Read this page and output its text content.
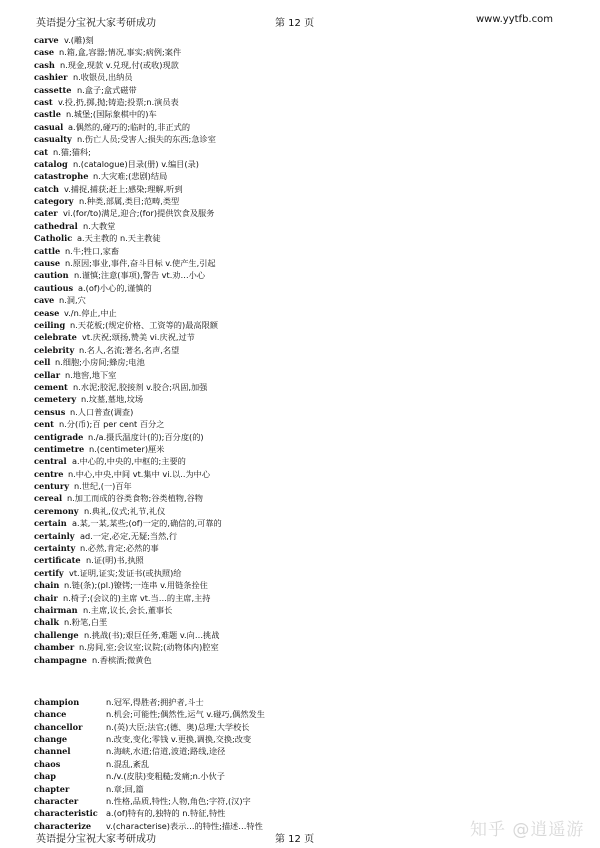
英语提分宝祝大家考研成功	第 12 页	www.yytfb.com
carve v.(雕)刻
case n.箱,盒,容器;情况,事实;病例;案件
cash n.现金,现款 v.兑现,付(或收)现款
cashier n.收银员,出纳员
cassette n.盒子;盒式磁带
cast v.投,扔,掷,抛;铸造;投票;n.演员表
castle n.城堡;(国际象棋中的)车
casual a.偶然的,碰巧的;临时的,非正式的
casualty n.伤亡人员;受害人;损失的东西;急诊室
cat n.猫;猫科;
catalog n.(catalogue)目录(册) v.编目(录)
catastrophe n.大灾难;(悲剧)结局
catch v.捕捉,捕获;赶上;感染;理解,听到
category n.种类,部属,类目;范畴,类型
cater vi.(for/to)满足,迎合;(for)提供饮食及服务
cathedral n.大教堂
Catholic a.天主教的 n.天主教徒
cattle n.牛;牲口,家畜
cause n.原因;事业,事件,奋斗目标 v.使产生,引起
caution n.谨慎;注意(事项),警告 vt.劝…小心
cautious a.(of)小心的,谨慎的
cave n.洞,穴
cease v./n.停止,中止
ceiling n.天花板;(规定价格、工资等的)最高限额
celebrate vt.庆祝;颂扬,赞美 vi.庆祝,过节
celebrity n.名人,名流;著名,名声,名望
cell n.细胞;小房间;蜂房;电池
cellar n.地窖,地下室
cement n.水泥;胶泥,胶接剂 v.胶合;巩固,加强
cemetery n.坟墓,墓地,坟场
census n.人口普查(调查)
cent n.分(币);百 per cent 百分之
centigrade n./a.摄氏温度计(的);百分度(的)
centimetre n.(centimeter)厘米
central a.中心的,中央的,中枢的;主要的
centre n.中心,中央,中间 vt.集中 vi.以..为中心
century n.世纪,(一)百年
cereal n.加工而成的谷类食物;谷类植物,谷物
ceremony n.典礼,仪式;礼节,礼仪
certain a.某,一某,某些;(of)一定的,确信的,可靠的
certainly ad.一定,必定,无疑;当然,行
certainty n.必然,肯定;必然的事
certificate n.证(明)书,执照
certify vt.证明,证实;发证书(或执照)给
chain n.链(条);(pl.)镣铐;一连串 v.用链条拴住
chair n.椅子;(会议的)主席 vt.当…的主席,主持
chairman n.主席,议长,会长,董事长
chalk n.粉笔,白垩
challenge n.挑战(书);艰巨任务,难题 v.向…挑战
chamber n.房间,室;会议室;议院;(动物体内)腔室
champagne n.香槟酒;微黄色
champion	n.冠军,得胜者;拥护者,斗士
chance	n.机会;可能性;偶然性,运气 v.碰巧,偶然发生
chancellor	n.(英)大臣;法官;(德、奥)总理;大学校长
change	n.改变,变化;零钱 v.更换,调换,交换;改变
channel	n.海峡,水道;信道,波道;路线,途径
chaos	n.混乱,紊乱
chap	n./v.(皮肤)变粗糙;发痛;n.小伙子
chapter	n.章;回,篇
character	n.性格,品质,特性;人物,角色;字符,(汉)字
characteristic a.(of)特有的,独特的 n.特征,特性
characterize v.(characterise)表示…的特性;描述…特性	知乎 @逍遥游
英语提分宝祝大家考研成功	第 12 页
